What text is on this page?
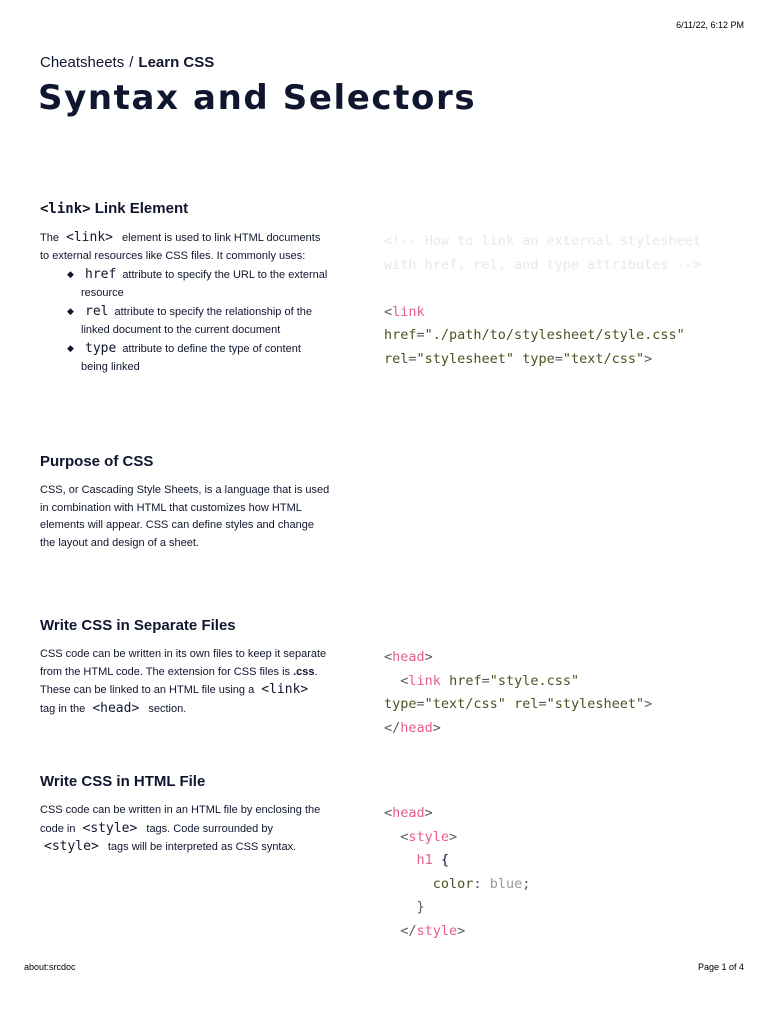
6/11/22, 6:12 PM
Cheatsheets / Learn CSS
Syntax and Selectors
<link> Link Element

The <link> element is used to link HTML documents to external resources like CSS files. It commonly uses:

◆ href attribute to specify the URL to the external resource
◆ rel attribute to specify the relationship of the linked document to the current document
◆ type attribute to define the type of content being linked
<!-- How to link an external stylesheet
with href, rel, and type attributes -->

<link
href="./path/to/stylesheet/style.css"
rel="stylesheet" type="text/css">
Purpose of CSS

CSS, or Cascading Style Sheets, is a language that is used in combination with HTML that customizes how HTML elements will appear. CSS can define styles and change the layout and design of a sheet.

Write CSS in Separate Files

CSS code can be written in its own files to keep it separate from the HTML code. The extension for CSS files is .css. These can be linked to an HTML file using a <link> tag in the <head> section.

<head>
<link href="style.css"
type="text/css" rel="stylesheet">
</head>
Write CSS in HTML File

CSS code can be written in an HTML file by enclosing the code in <style> tags. Code surrounded by <style> tags will be interpreted as CSS syntax.

<head>
<style>
h1 {
color: blue;
}
</style>
about:srcdoc	Page 1 of 4
